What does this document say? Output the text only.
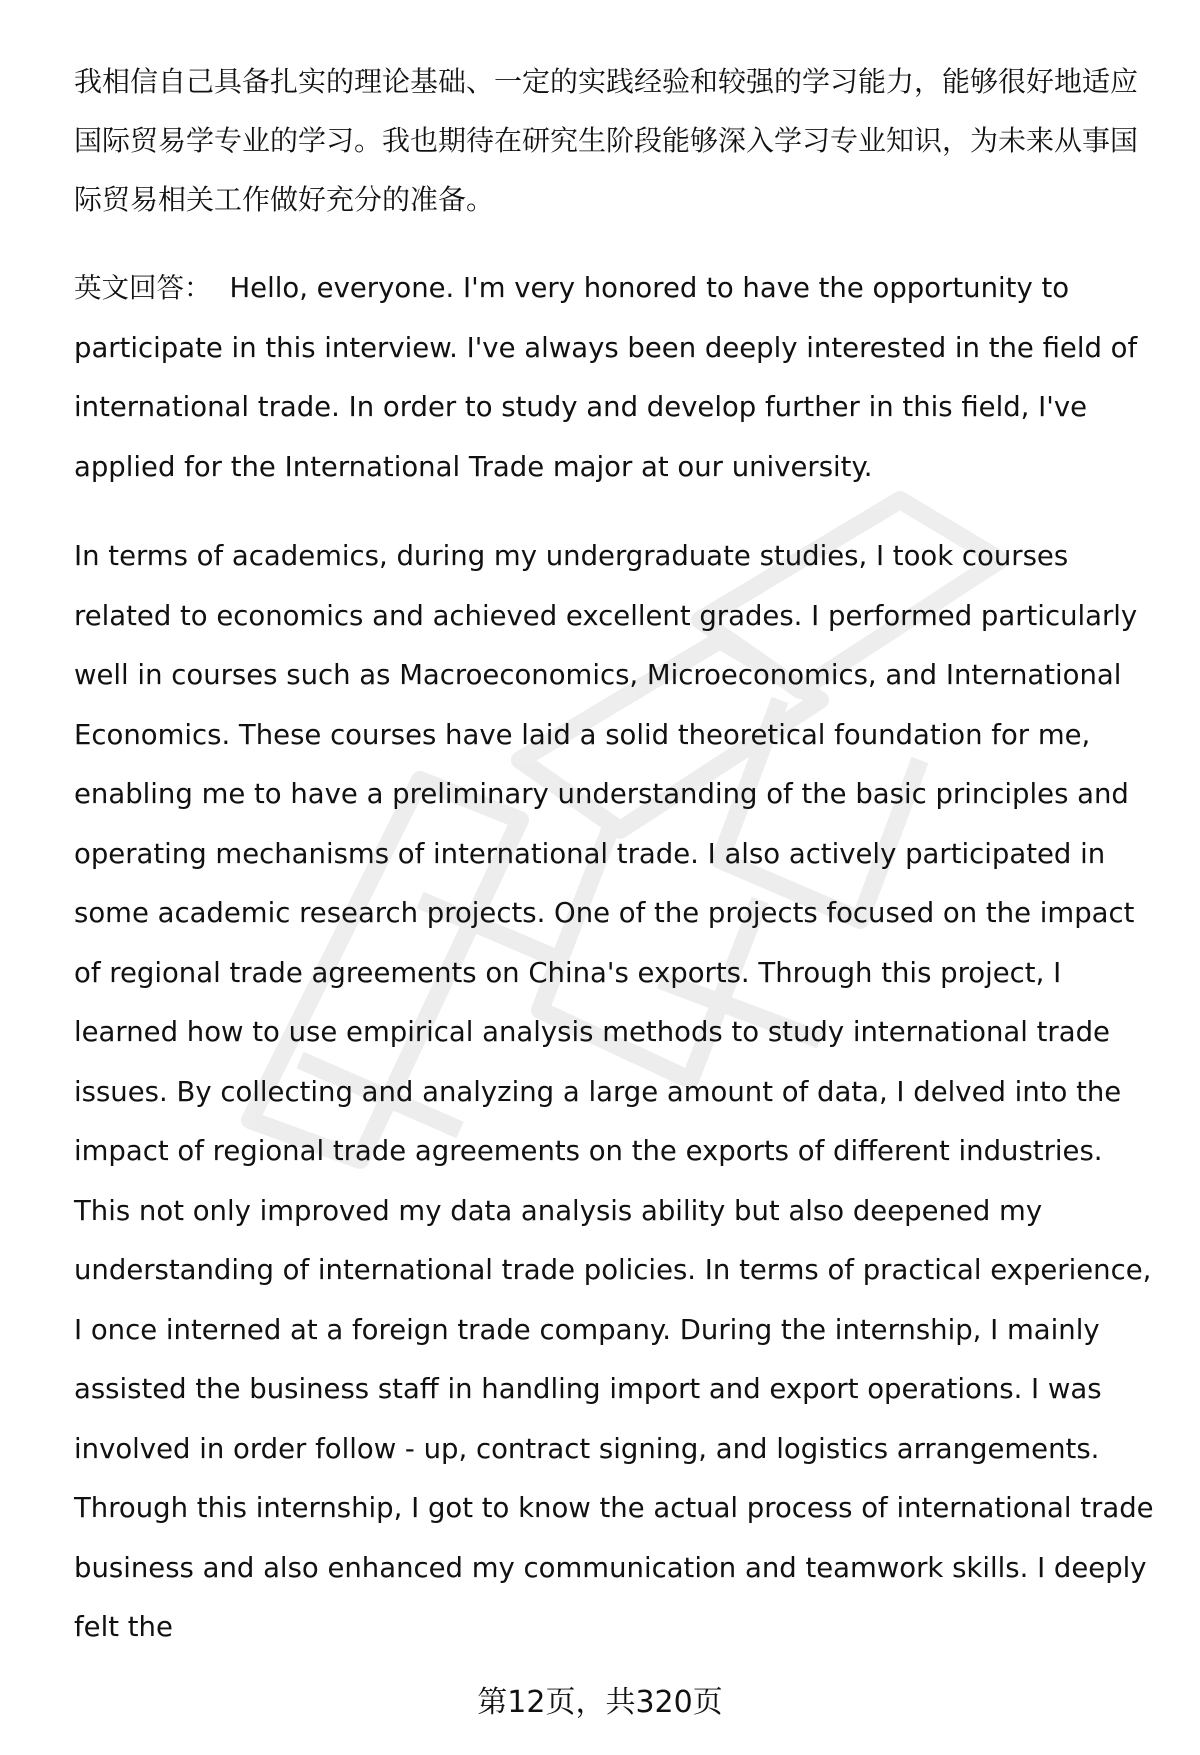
我相信自己具备扎实的理论基础、一定的实践经验和较强的学习能力，能够很好地适应国际贸易学专业的学习。我也期待在研究生阶段能够深入学习专业知识，为未来从事国际贸易相关工作做好充分的准备。

英文回答： Hello, everyone. I'm very honored to have the opportunity to participate in this interview. I've always been deeply interested in the field of international trade. In order to study and develop further in this field, I've applied for the International Trade major at our university.

In terms of academics, during my undergraduate studies, I took courses related to economics and achieved excellent grades. I performed particularly well in courses such as Macroeconomics, Microeconomics, and International Economics. These courses have laid a solid theoretical foundation for me, enabling me to have a preliminary understanding of the basic principles and operating mechanisms of international trade. I also actively participated in some academic research projects. One of the projects focused on the impact of regional trade agreements on China's exports. Through this project, I learned how to use empirical analysis methods to study international trade issues. By collecting and analyzing a large amount of data, I delved into the impact of regional trade agreements on the exports of different industries. This not only improved my data analysis ability but also deepened my understanding of international trade policies. In terms of practical experience, I once interned at a foreign trade company. During the internship, I mainly assisted the business staff in handling import and export operations. I was involved in order follow - up, contract signing, and logistics arrangements. Through this internship, I got to know the actual process of international trade business and also enhanced my communication and teamwork skills. I deeply felt the

第12页，共320页
